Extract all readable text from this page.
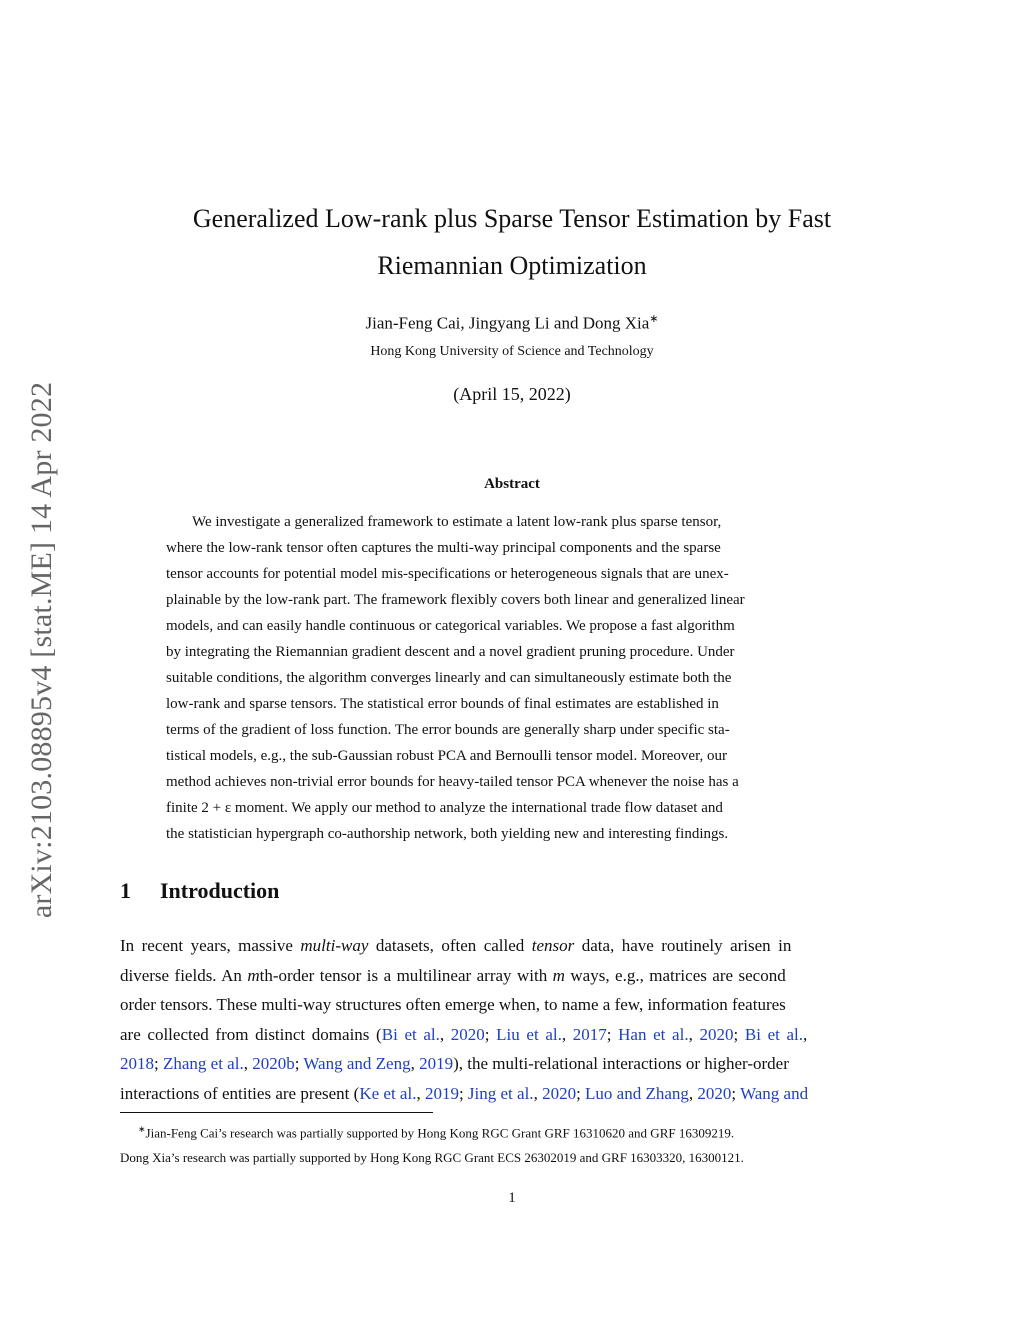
arXiv:2103.08895v4 [stat.ME] 14 Apr 2022
Generalized Low-rank plus Sparse Tensor Estimation by Fast
Riemannian Optimization
Jian-Feng Cai, Jingyang Li and Dong Xia∗
Hong Kong University of Science and Technology
(April 15, 2022)
Abstract
We investigate a generalized framework to estimate a latent low-rank plus sparse tensor,
where the low-rank tensor often captures the multi-way principal components and the sparse
tensor accounts for potential model mis-specifications or heterogeneous signals that are unex-
plainable by the low-rank part. The framework flexibly covers both linear and generalized linear
models, and can easily handle continuous or categorical variables. We propose a fast algorithm
by integrating the Riemannian gradient descent and a novel gradient pruning procedure. Under
suitable conditions, the algorithm converges linearly and can simultaneously estimate both the
low-rank and sparse tensors. The statistical error bounds of final estimates are established in
terms of the gradient of loss function. The error bounds are generally sharp under specific sta-
tistical models, e.g., the sub-Gaussian robust PCA and Bernoulli tensor model. Moreover, our
method achieves non-trivial error bounds for heavy-tailed tensor PCA whenever the noise has a
finite 2 + ε moment. We apply our method to analyze the international trade flow dataset and
the statistician hypergraph co-authorship network, both yielding new and interesting findings.
1 Introduction
In recent years, massive multi-way datasets, often called tensor data, have routinely arisen in
diverse fields. An mth-order tensor is a multilinear array with m ways, e.g., matrices are second
order tensors. These multi-way structures often emerge when, to name a few, information features
are collected from distinct domains (Bi et al., 2020; Liu et al., 2017; Han et al., 2020; Bi et al.,
2018; Zhang et al., 2020b; Wang and Zeng, 2019), the multi-relational interactions or higher-order
interactions of entities are present (Ke et al., 2019; Jing et al., 2020; Luo and Zhang, 2020; Wang and
∗Jian-Feng Cai’s research was partially supported by Hong Kong RGC Grant GRF 16310620 and GRF 16309219.
Dong Xia’s research was partially supported by Hong Kong RGC Grant ECS 26302019 and GRF 16303320, 16300121.
1
